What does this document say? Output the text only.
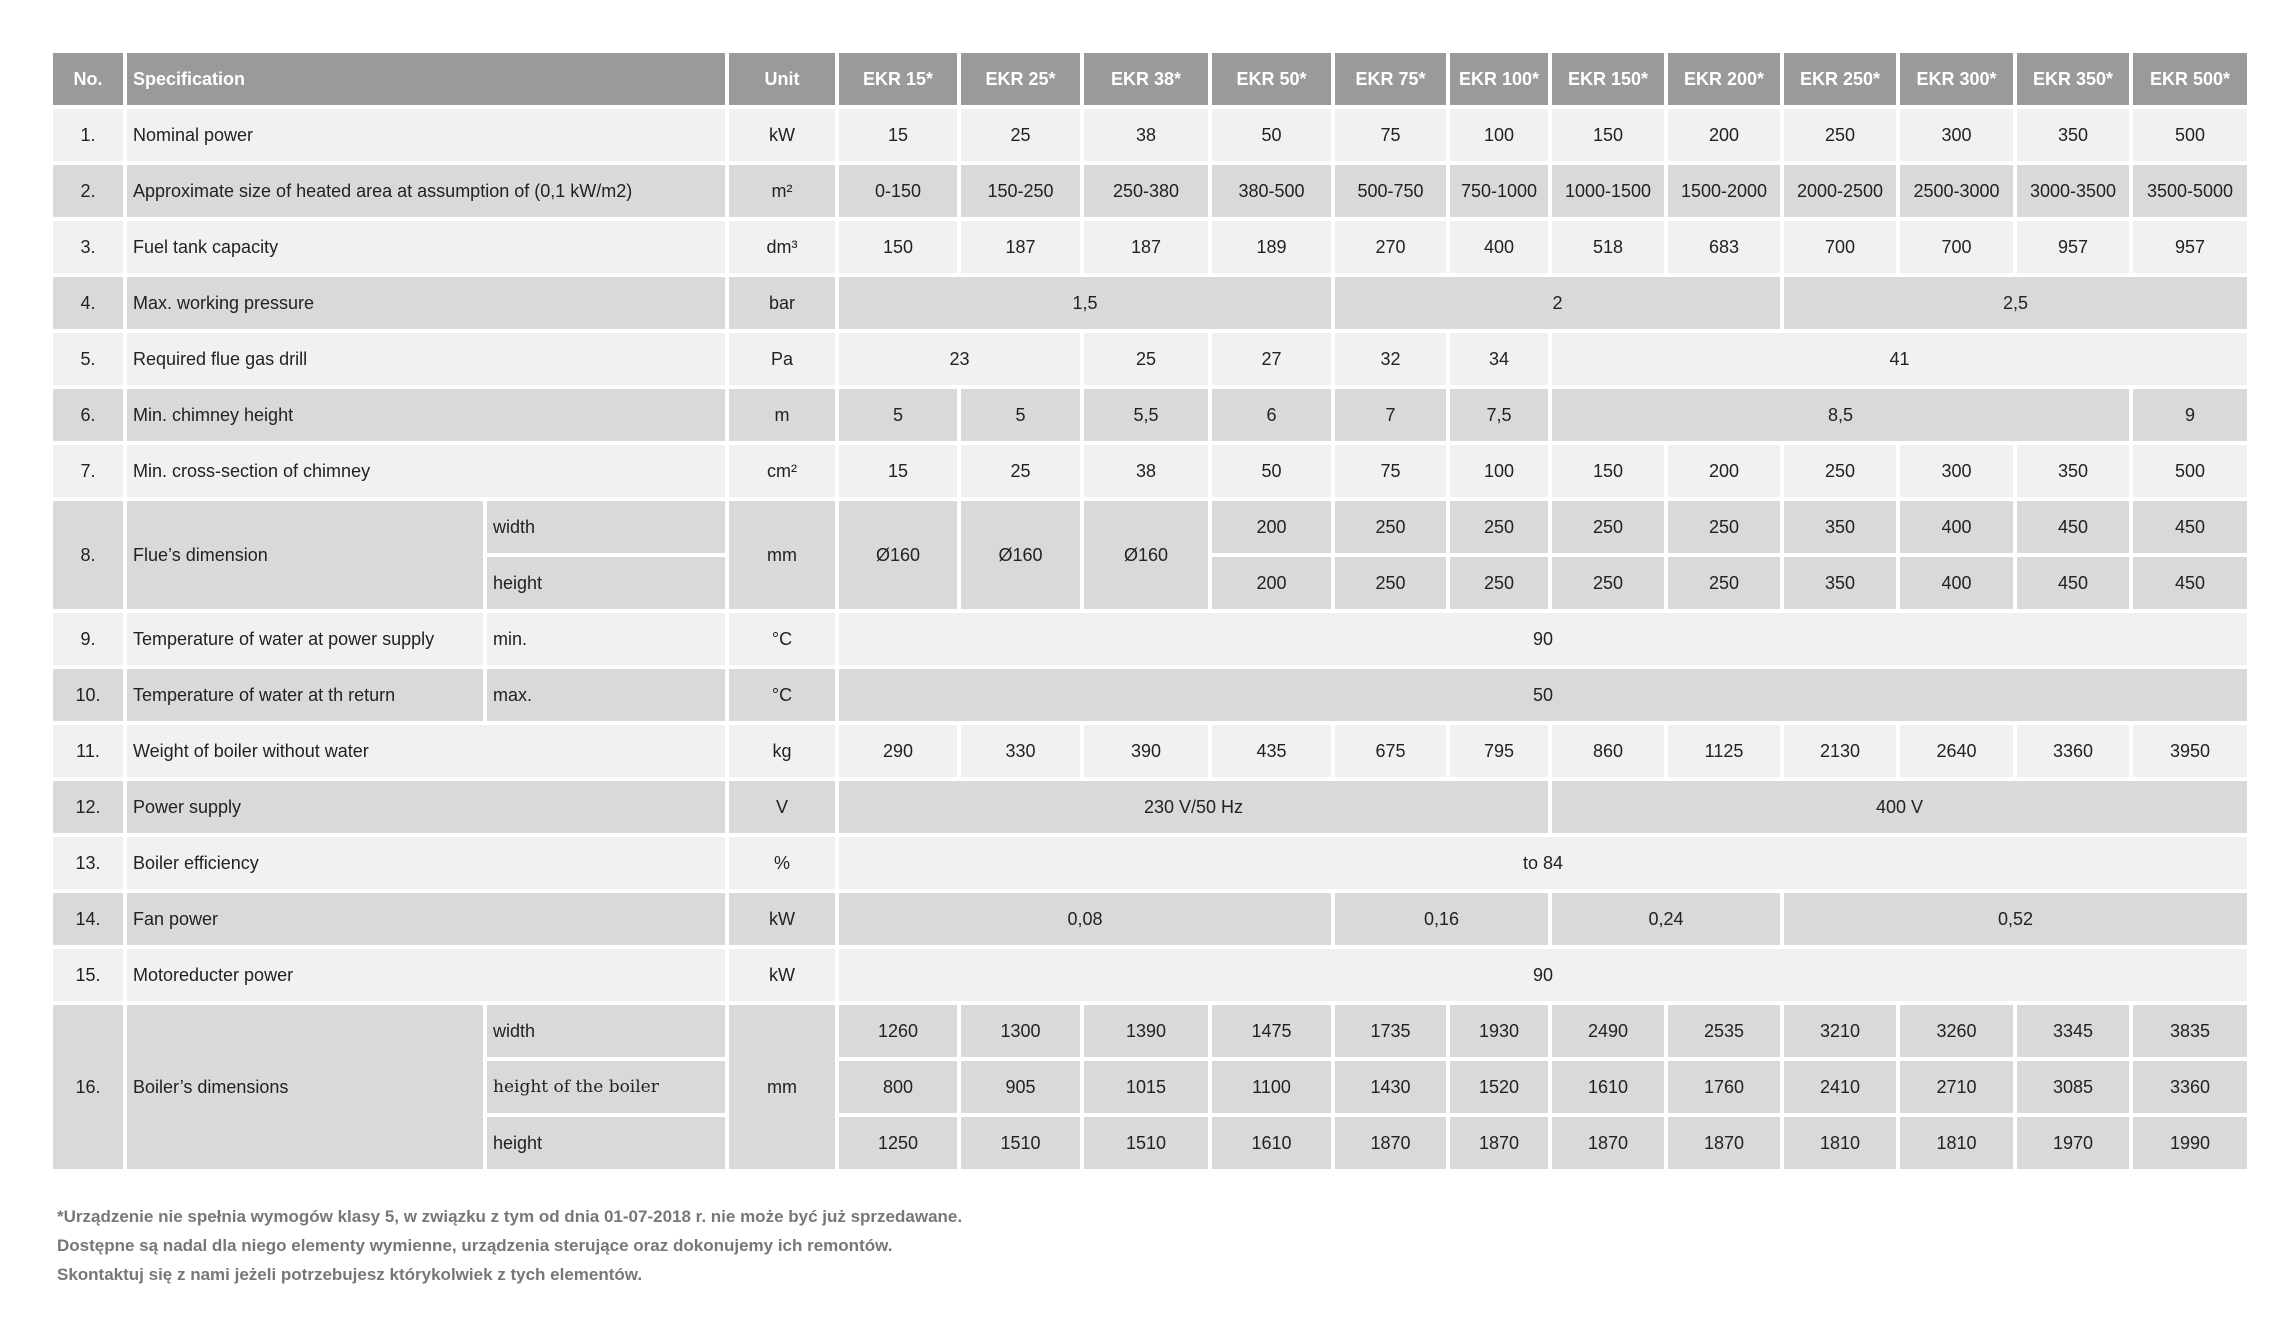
No.	Specification		Unit	EKR 15*	EKR 25*	EKR 38*	EKR 50*	EKR 75*	EKR 100*	EKR 150*	EKR 200*	EKR 250*	EKR 300*	EKR 350*	EKR 500*
1.	Nominal power		kW	15	25	38	50	75	100	150	200	250	300	350	500
2.	Approximate size of heated area at assumption of (0,1 kW/m2)		m²	0-150	150-250	250-380	380-500	500-750	750-1000	1000-1500	1500-2000	2000-2500	2500-3000	3000-3500	3500-5000
3.	Fuel tank capacity		dm³	150	187	187	189	270	400	518	683	700	700	957	957
4.	Max. working pressure		bar	1,5				2				2,5			
5.	Required flue gas drill		Pa	23		25	27	32	34	41					
6.	Min. chimney height		m	5	5	5,5	6	7	7,5	8,5					9
7.	Min. cross-section of chimney		cm²	15	25	38	50	75	100	150	200	250	300	350	500
8.	Flue’s dimension	width	mm	Ø160	Ø160	Ø160	200	250	250	250	250	350	400	450	450
		height					200	250	250	250	250	350	400	450	450
9.	Temperature of water at power supply	min.	°C	90											
10.	Temperature of water at th return	max.	°C	50											
11.	Weight of boiler without water		kg	290	330	390	435	675	795	860	1125	2130	2640	3360	3950
12.	Power supply		V	230 V/50 Hz						400 V					
13.	Boiler efficiency		%	to 84											
14.	Fan power		kW	0,08				0,16		0,24		0,52			
15.	Motoreducter power		kW	90											
16.	Boiler’s dimensions	width	mm	1260	1300	1390	1475	1735	1930	2490	2535	3210	3260	3345	3835
		height of the boiler		800	905	1015	1100	1430	1520	1610	1760	2410	2710	3085	3360
		height		1250	1510	1510	1610	1870	1870	1870	1870	1810	1810	1970	1990
*Urządzenie nie spełnia wymogów klasy 5, w związku z tym od dnia 01-07-2018 r. nie może być już sprzedawane.
Dostępne są nadal dla niego elementy wymienne, urządzenia sterujące oraz dokonujemy ich remontów.
Skontaktuj się z nami jeżeli potrzebujesz którykolwiek z tych elementów.
